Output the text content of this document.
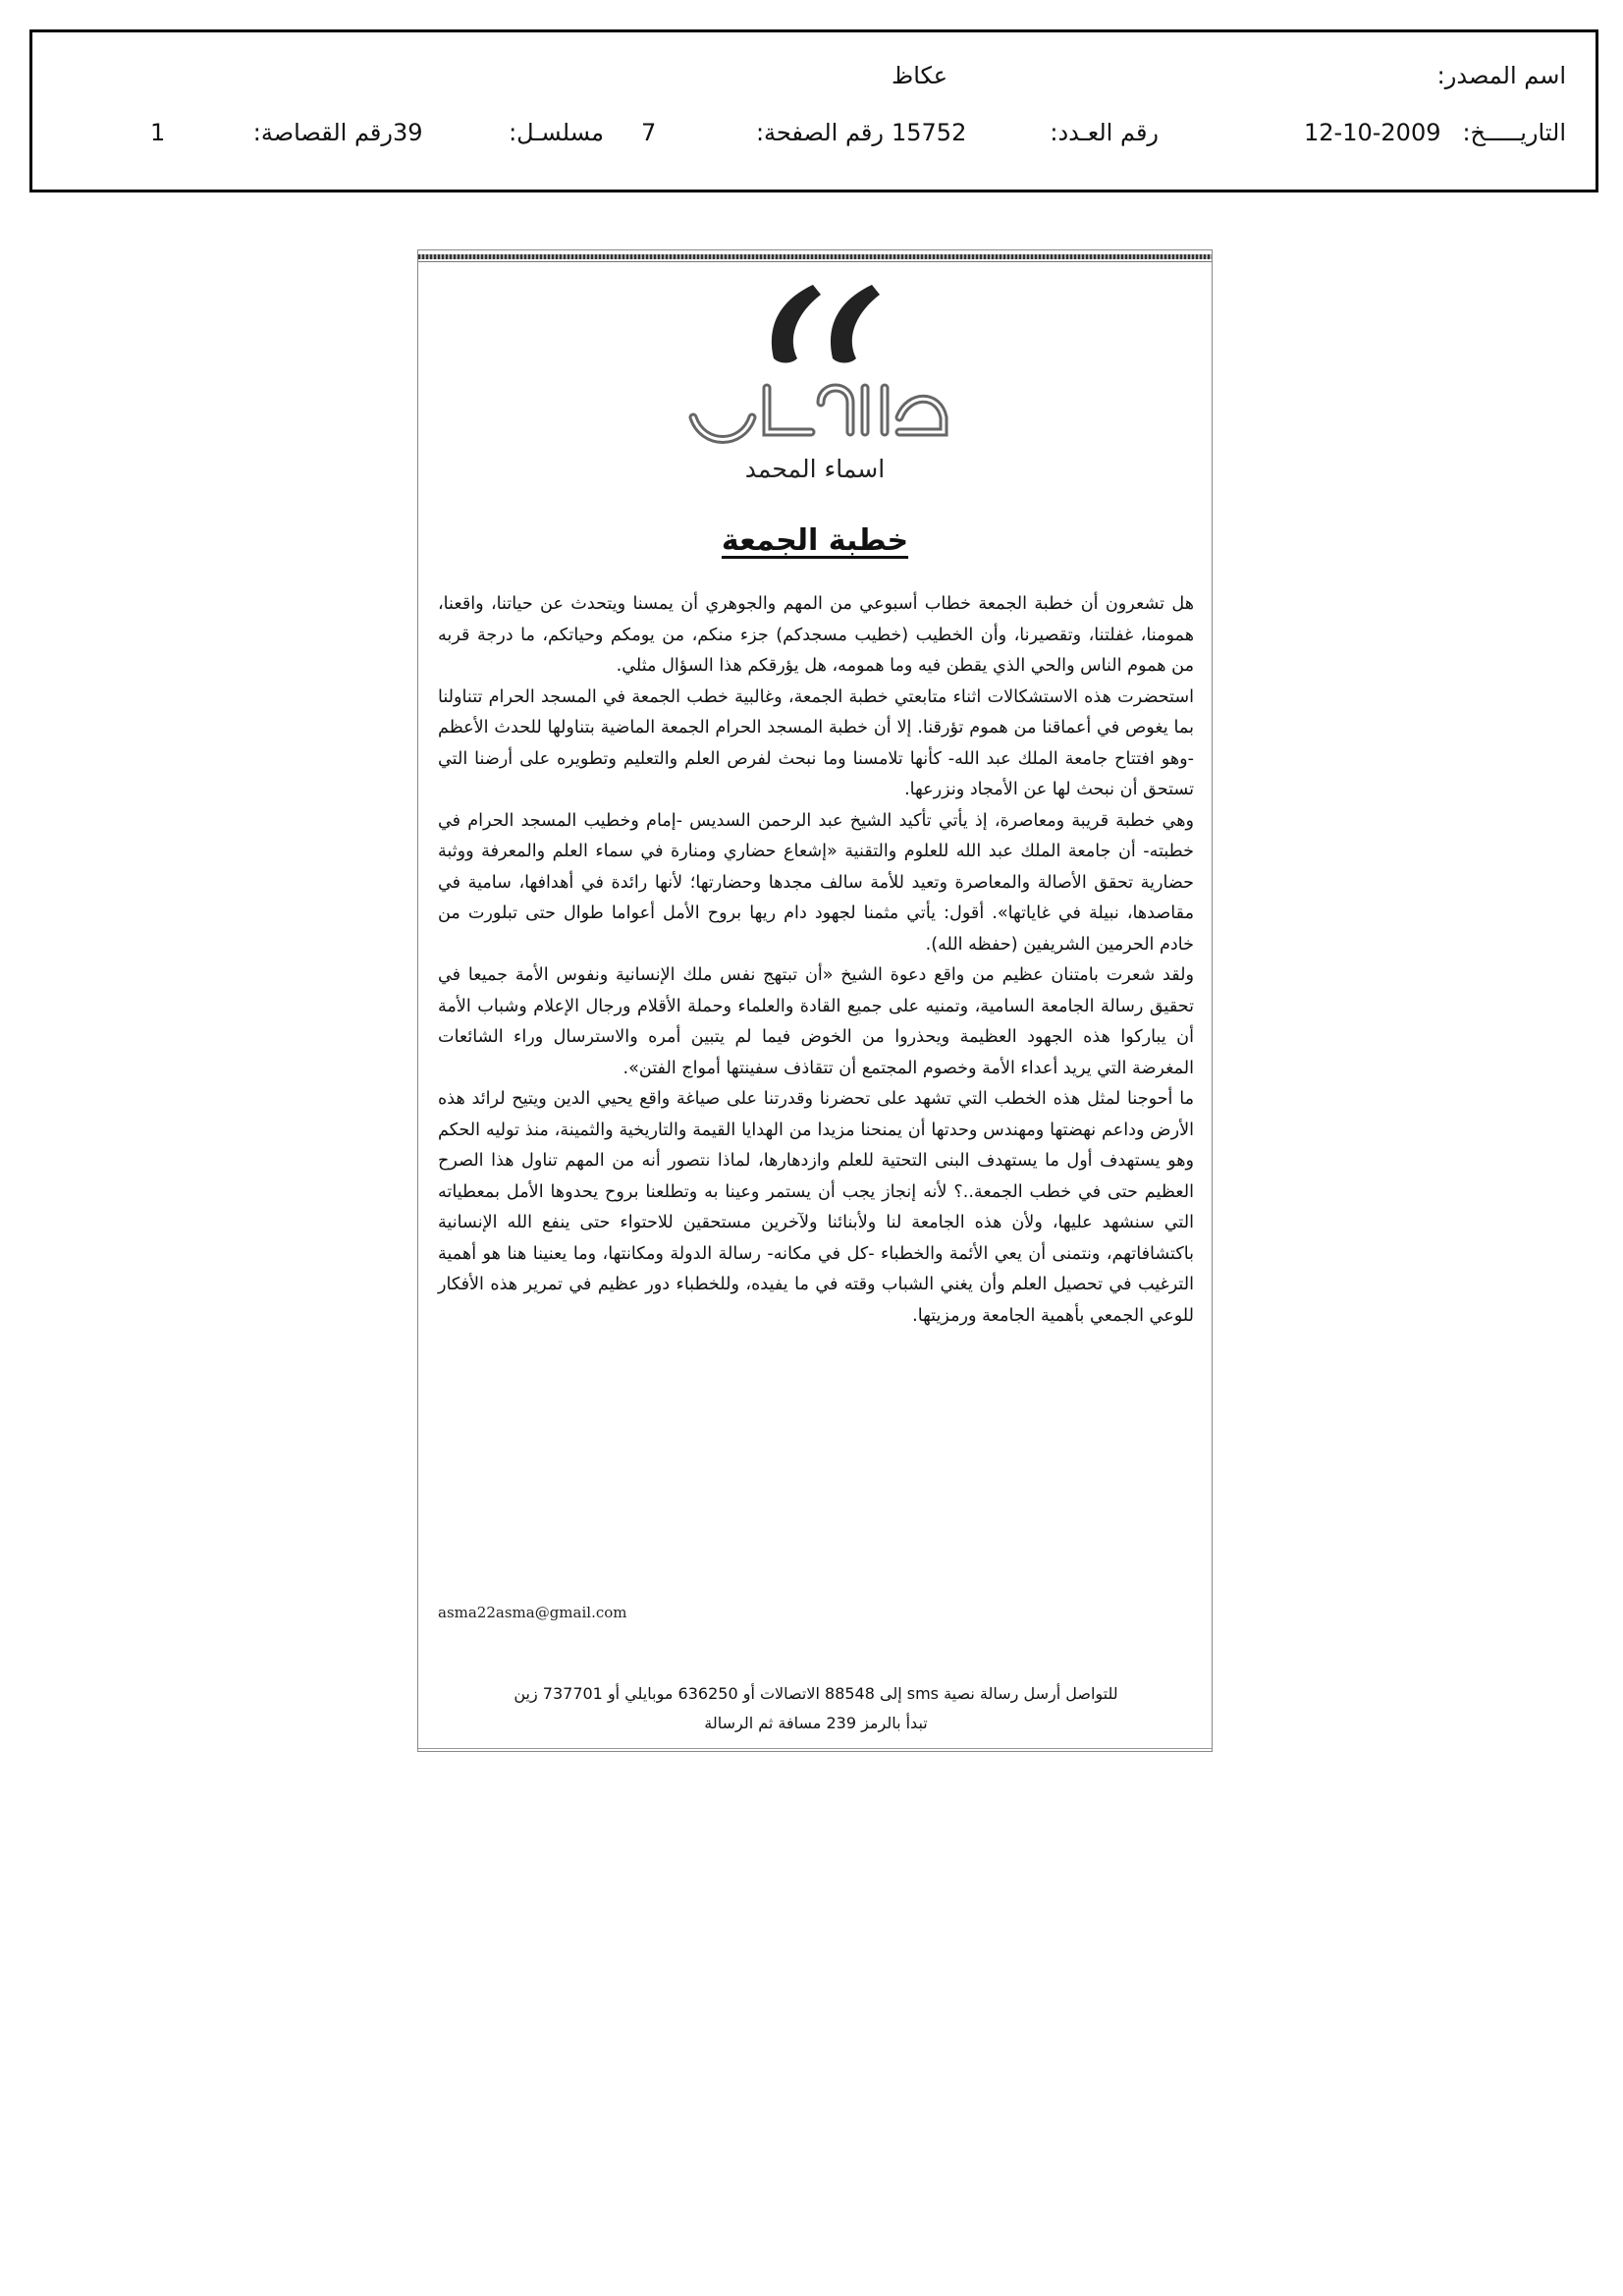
اسم المصدر:
عكاظ
التاريـــــخ:
12-10-2009
رقم العـدد:
15752
رقم الصفحة:
7
مسلسـل:
39
رقم القصاصة:
1
اسماء المحمد
خطبة الجمعة

هل تشعرون أن خطبة الجمعة خطاب أسبوعي من المهم والجوهري أن يمسنا ويتحدث عن حياتنا، واقعنا، همومنا، غفلتنا، وتقصيرنا، وأن الخطيب (خطيب مسجدكم) جزء منكم، من يومكم وحياتكم، ما درجة قربه من هموم الناس والحي الذي يقطن فيه وما همومه، هل يؤرقكم هذا السؤال مثلي.

استحضرت هذه الاستشكالات اثناء متابعتي خطبة الجمعة، وغالبية خطب الجمعة في المسجد الحرام تتناولنا بما يغوص في أعماقنا من هموم تؤرقنا. إلا أن خطبة المسجد الحرام الجمعة الماضية بتناولها للحدث الأعظم -وهو افتتاح جامعة الملك عبد الله- كأنها تلامسنا وما نبحث لفرص العلم والتعليم وتطويره على أرضنا التي تستحق أن نبحث لها عن الأمجاد ونزرعها.

وهي خطبة قريبة ومعاصرة، إذ يأتي تأكيد الشيخ عبد الرحمن السديس -إمام وخطيب المسجد الحرام في خطبته- أن جامعة الملك عبد الله للعلوم والتقنية «إشعاع حضاري ومنارة في سماء العلم والمعرفة ووثبة حضارية تحقق الأصالة والمعاصرة وتعيد للأمة سالف مجدها وحضارتها؛ لأنها رائدة في أهدافها، سامية في مقاصدها، نبيلة في غاياتها». أقول: يأتي مثمنا لجهود دام ريها بروح الأمل أعواما طوال حتى تبلورت من خادم الحرمين الشريفين (حفظه الله).

ولقد شعرت بامتنان عظيم من واقع دعوة الشيخ «أن تبتهج نفس ملك الإنسانية ونفوس الأمة جميعا في تحقيق رسالة الجامعة السامية، وتمنيه على جميع القادة والعلماء وحملة الأقلام ورجال الإعلام وشباب الأمة أن يباركوا هذه الجهود العظيمة ويحذروا من الخوض فيما لم يتبين أمره والاسترسال وراء الشائعات المغرضة التي يريد أعداء الأمة وخصوم المجتمع أن تتقاذف سفينتها أمواج الفتن».

ما أحوجنا لمثل هذه الخطب التي تشهد على تحضرنا وقدرتنا على صياغة واقع يحيي الدين ويتيح لرائد هذه الأرض وداعم نهضتها ومهندس وحدتها أن يمنحنا مزيدا من الهدايا القيمة والتاريخية والثمينة، منذ توليه الحكم وهو يستهدف أول ما يستهدف البنى التحتية للعلم وازدهارها، لماذا نتصور أنه من المهم تناول هذا الصرح العظيم حتى في خطب الجمعة..؟ لأنه إنجاز يجب أن يستمر وعينا به وتطلعنا بروح يحدوها الأمل بمعطياته التي سنشهد عليها، ولأن هذه الجامعة لنا ولأبنائنا ولآخرين مستحقين للاحتواء حتى ينفع الله الإنسانية باكتشافاتهم، ونتمنى أن يعي الأئمة والخطباء -كل في مكانه- رسالة الدولة ومكانتها، وما يعنينا هنا هو أهمية الترغيب في تحصيل العلم وأن يغني الشباب وقته في ما يفيده، وللخطباء دور عظيم في تمرير هذه الأفكار للوعي الجمعي بأهمية الجامعة ورمزيتها.

asma22asma@gmail.com
للتواصل أرسل رسالة نصية sms إلى 88548 الاتصالات أو 636250 موبايلي أو 737701 زين
تبدأ بالرمز 239 مسافة ثم الرسالة
